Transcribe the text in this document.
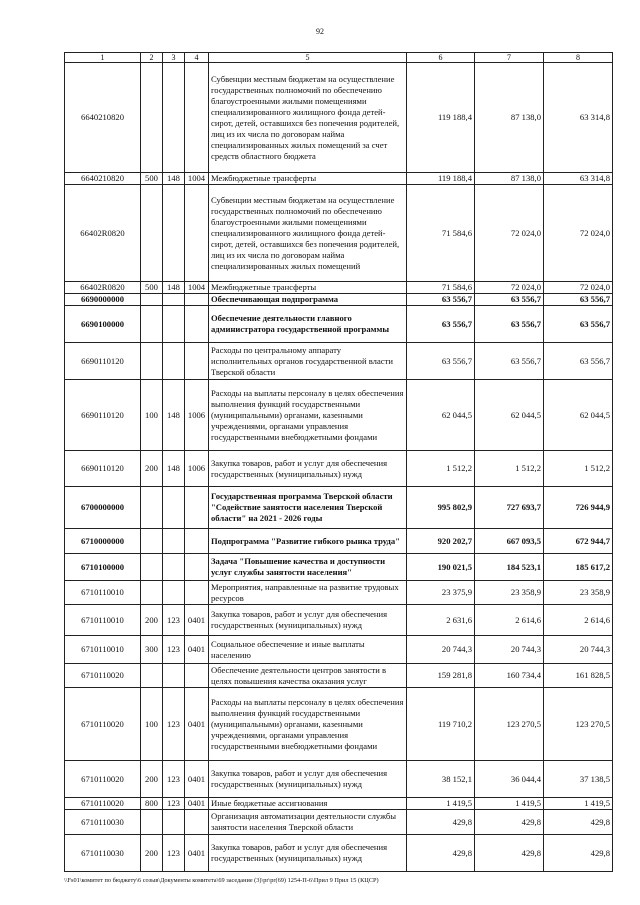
92
1	2	3	4	5	6	7	8
6640210820				Субвенции местным бюджетам на осуществление государственных полномочий по обеспечению благоустроенными жилыми помещениями специализированного жилищного фонда детей-сирот, детей, оставшихся без попечения родителей, лиц из их числа по договорам найма специализированных жилых помещений за счет средств областного бюджета	119 188,4	87 138,0	63 314,8
6640210820	500	148	1004	Межбюджетные трансферты	119 188,4	87 138,0	63 314,8
66402R0820				Субвенции местным бюджетам на осуществление государственных полномочий по обеспечению благоустроенными жилыми помещениями специализированного жилищного фонда детей-сирот, детей, оставшихся без попечения родителей, лиц из их числа по договорам найма специализированных жилых помещений	71 584,6	72 024,0	72 024,0
66402R0820	500	148	1004	Межбюджетные трансферты	71 584,6	72 024,0	72 024,0
6690000000				Обеспечивающая подпрограмма	63 556,7	63 556,7	63 556,7
6690100000				Обеспечение деятельности главного администратора государственной программы	63 556,7	63 556,7	63 556,7
6690110120				Расходы по центральному аппарату исполнительных органов государственной власти Тверской области	63 556,7	63 556,7	63 556,7
6690110120	100	148	1006	Расходы на выплаты персоналу в целях обеспечения выполнения функций государственными (муниципальными) органами, казенными учреждениями, органами управления государственными внебюджетными фондами	62 044,5	62 044,5	62 044,5
6690110120	200	148	1006	Закупка товаров, работ и услуг для обеспечения государственных (муниципальных) нужд	1 512,2	1 512,2	1 512,2
6700000000				Государственная программа Тверской области "Содействие занятости населения Тверской области" на 2021 - 2026 годы	995 802,9	727 693,7	726 944,9
6710000000				Подпрограмма "Развитие гибкого рынка труда"	920 202,7	667 093,5	672 944,7
6710100000				Задача "Повышение качества и доступности услуг службы занятости населения"	190 021,5	184 523,1	185 617,2
6710110010				Мероприятия, направленные на развитие трудовых ресурсов	23 375,9	23 358,9	23 358,9
6710110010	200	123	0401	Закупка товаров, работ и услуг для обеспечения государственных (муниципальных) нужд	2 631,6	2 614,6	2 614,6
6710110010	300	123	0401	Социальное обеспечение и иные выплаты населению	20 744,3	20 744,3	20 744,3
6710110020				Обеспечение деятельности центров занятости в целях повышения качества оказания услуг	159 281,8	160 734,4	161 828,5
6710110020	100	123	0401	Расходы на выплаты персоналу в целях обеспечения выполнения функций государственными (муниципальными) органами, казенными учреждениями, органами управления государственными внебюджетными фондами	119 710,2	123 270,5	123 270,5
6710110020	200	123	0401	Закупка товаров, работ и услуг для обеспечения государственных (муниципальных) нужд	38 152,1	36 044,4	37 138,5
6710110020	800	123	0401	Иные бюджетные ассигнования	1 419,5	1 419,5	1 419,5
6710110030				Организация автоматизации деятельности службы занятости населения Тверской области	429,8	429,8	429,8
6710110030	200	123	0401	Закупка товаров, работ и услуг для обеспечения государственных (муниципальных) нужд	429,8	429,8	429,8
\\Fs01\комитет по бюджету\6 созыв\Документы комитета\69 заседание (3)\pr\pr(69) 1254-П-6\Прил 9 Прил 15 (КЦСР)
